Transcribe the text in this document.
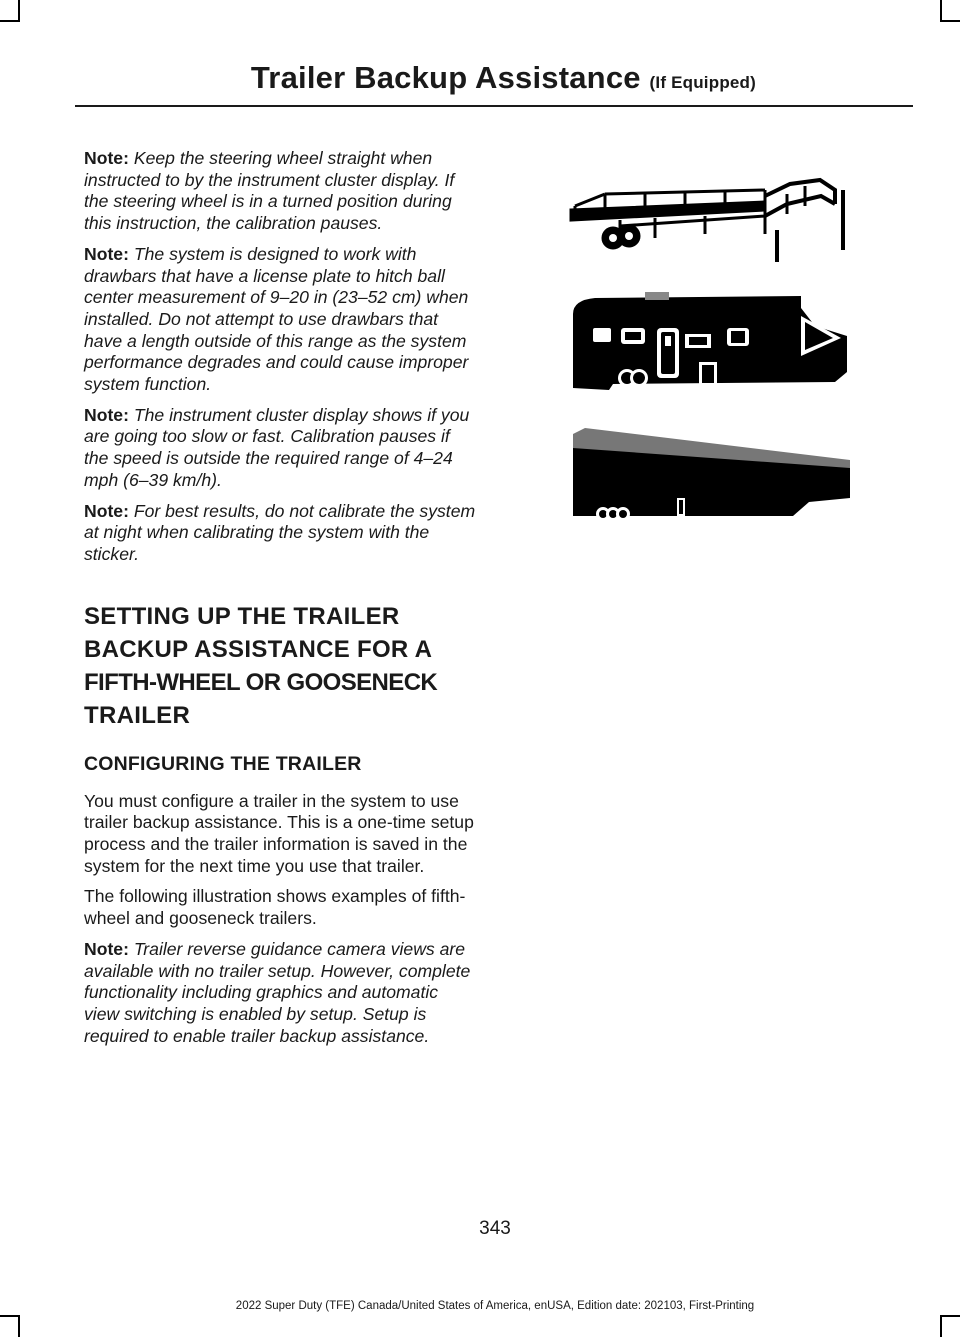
Trailer Backup Assistance (If Equipped)

Note: Keep the steering wheel straight when instructed to by the instrument cluster display. If the steering wheel is in a turned position during this instruction, the calibration pauses.

Note: The system is designed to work with drawbars that have a license plate to hitch ball center measurement of 9–20 in (23–52 cm) when installed. Do not attempt to use drawbars that have a length outside of this range as the system performance degrades and could cause improper system function.

Note: The instrument cluster display shows if you are going too slow or fast. Calibration pauses if the speed is outside the required range of 4–24 mph (6–39 km/h).

Note: For best results, do not calibrate the system at night when calibrating the system with the sticker.

SETTING UP THE TRAILER
BACKUP ASSISTANCE FOR A
FIFTH-WHEEL OR GOOSENECK
TRAILER
CONFIGURING THE TRAILER

You must configure a trailer in the system to use trailer backup assistance. This is a one-time setup process and the trailer information is saved in the system for the next time you use that trailer.

The following illustration shows examples of fifth-wheel and gooseneck trailers.

Note: Trailer reverse guidance camera views are available with no trailer setup. However, complete functionality including graphics and automatic view switching is enabled by setup. Setup is required to enable trailer backup assistance.

343
2022 Super Duty (TFE) Canada/United States of America, enUSA, Edition date: 202103, First-Printing
